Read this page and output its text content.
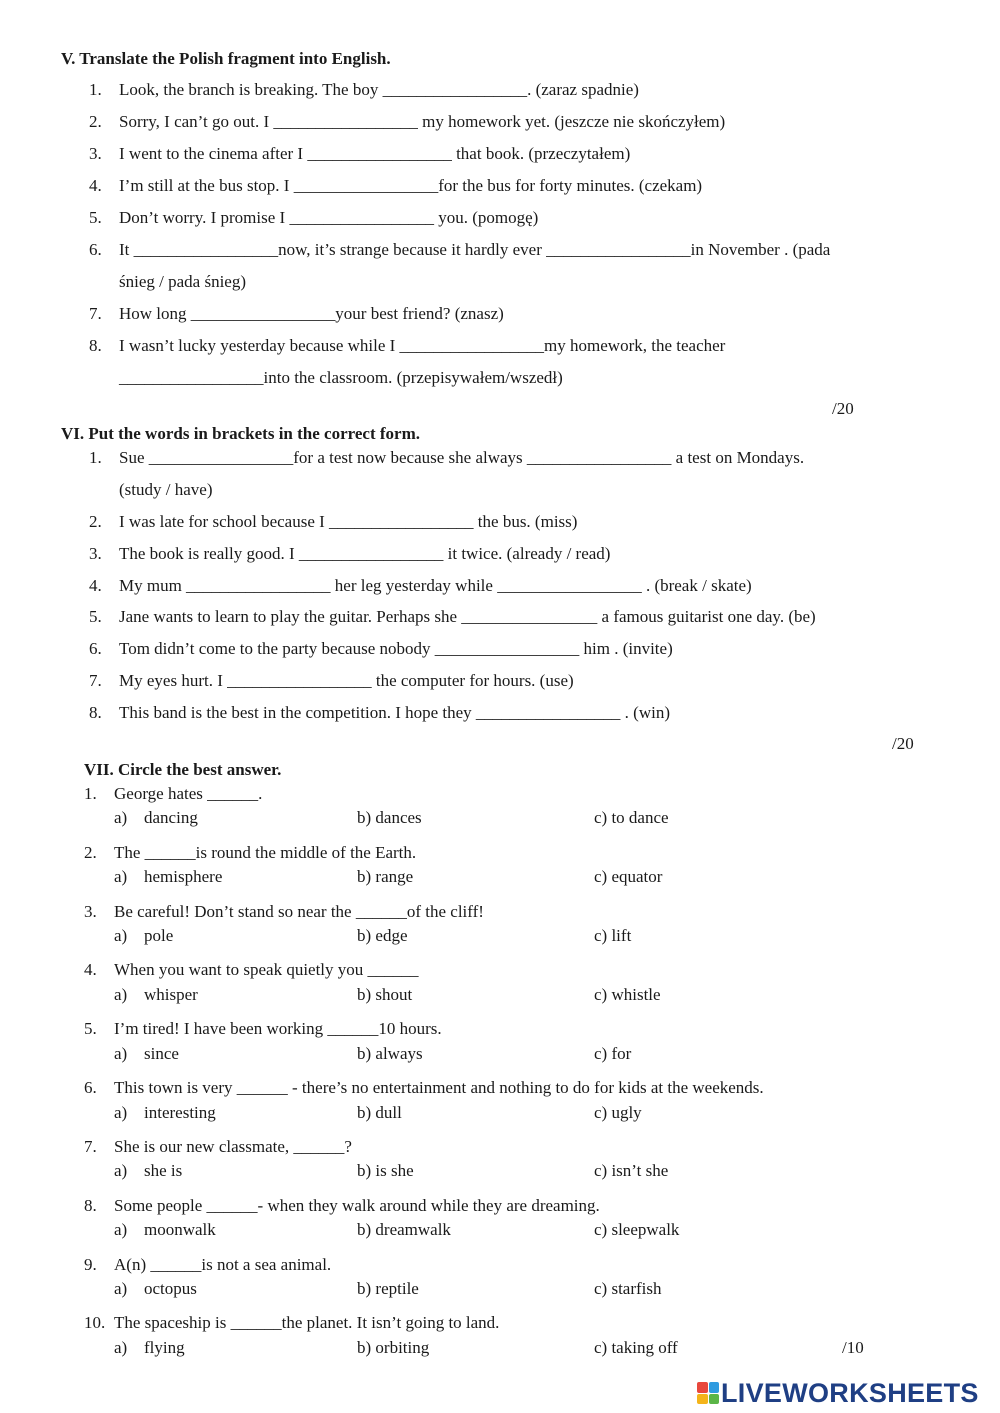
V. Translate the Polish fragment into English.
1. Look, the branch is breaking. The boy _________________. (zaraz spadnie)
2. Sorry, I can’t go out. I _________________ my homework yet. (jeszcze nie skończyłem)
3. I went to the cinema after I _________________ that book. (przeczytałem)
4. I’m still at the bus stop. I _________________for the bus for forty minutes. (czekam)
5. Don’t worry. I promise I _________________ you. (pomogę)
6. It _________________now, it’s strange because it hardly ever _________________in November . (pada
śnieg / pada śnieg)
7. How long _________________your best friend? (znasz)
8. I wasn’t lucky yesterday because while I _________________my homework, the teacher
_________________into the classroom. (przepisywałem/wszedł)
/20
VI. Put the words in brackets in the correct form.
1. Sue _________________for a test now because she always _________________ a test on Mondays.
(study / have)
2. I was late for school because I _________________ the bus. (miss)
3. The book is really good. I _________________ it twice. (already / read)
4. My mum _________________ her leg yesterday while _________________ . (break / skate)
5. Jane wants to learn to play the guitar. Perhaps she ________________ a famous guitarist one day. (be)
6. Tom didn’t come to the party because nobody _________________ him . (invite)
7. My eyes hurt. I _________________ the computer for hours. (use)
8. This band is the best in the competition. I hope they _________________ . (win)
/20
VII. Circle the best answer.
1. George hates ______.
a) dancing	b) dances	c) to dance
2. The ______is round the middle of the Earth.
a) hemisphere	b) range	c) equator
3. Be careful! Don’t stand so near the ______of the cliff!
a) pole	b) edge	c) lift
4. When you want to speak quietly you ______
a) whisper	b) shout	c) whistle
5. I’m tired! I have been working ______10 hours.
a) since	b) always	c) for
6. This town is very ______ - there’s no entertainment and nothing to do for kids at the weekends.
a) interesting	b) dull	c) ugly
7. She is our new classmate, ______?
a) she is	b) is she	c) isn’t she
8. Some people ______- when they walk around while they are dreaming.
a) moonwalk	b) dreamwalk	c) sleepwalk
9. A(n) ______is not a sea animal.
a) octopus	b) reptile	c) starfish
10. The spaceship is ______the planet. It isn’t going to land.
a) flying	b) orbiting	c) taking off	/10
LIVEWORKSHEETS
